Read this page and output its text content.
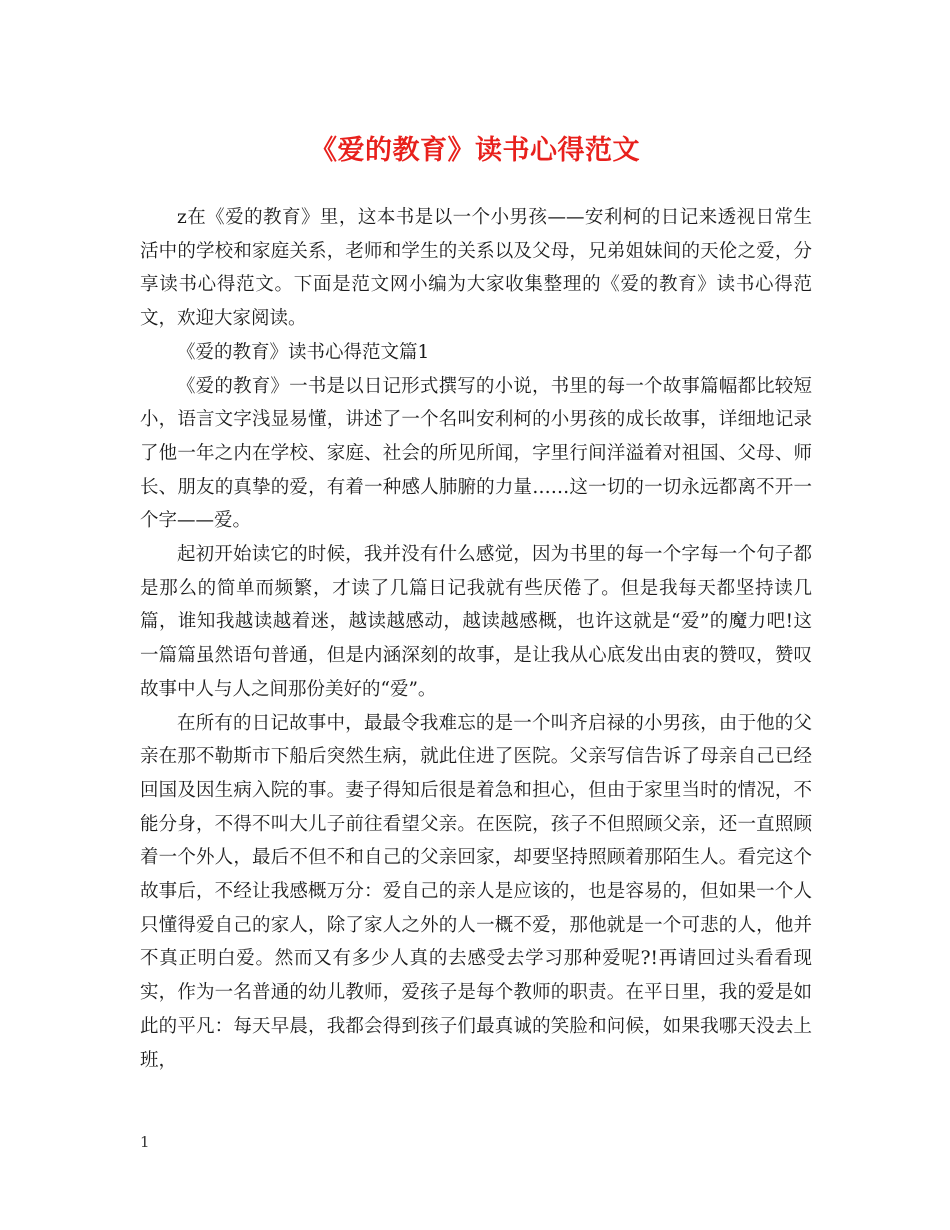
《爱的教育》读书心得范文

z在《爱的教育》里，这本书是以一个小男孩——安利柯的日记来透视日常生活中的学校和家庭关系，老师和学生的关系以及父母，兄弟姐妹间的天伦之爱，分享读书心得范文。下面是范文网小编为大家收集整理的《爱的教育》读书心得范文，欢迎大家阅读。

《爱的教育》读书心得范文篇1

《爱的教育》一书是以日记形式撰写的小说，书里的每一个故事篇幅都比较短小，语言文字浅显易懂，讲述了一个名叫安利柯的小男孩的成长故事，详细地记录了他一年之内在学校、家庭、社会的所见所闻，字里行间洋溢着对祖国、父母、师长、朋友的真挚的爱，有着一种感人肺腑的力量……这一切的一切永远都离不开一个字——爱。

起初开始读它的时候，我并没有什么感觉，因为书里的每一个字每一个句子都是那么的简单而频繁，才读了几篇日记我就有些厌倦了。但是我每天都坚持读几篇，谁知我越读越着迷，越读越感动，越读越感概，也许这就是“爱”的魔力吧!这一篇篇虽然语句普通，但是内涵深刻的故事，是让我从心底发出由衷的赞叹，赞叹故事中人与人之间那份美好的“爱”。

在所有的日记故事中，最最令我难忘的是一个叫齐启禄的小男孩，由于他的父亲在那不勒斯市下船后突然生病，就此住进了医院。父亲写信告诉了母亲自己已经回国及因生病入院的事。妻子得知后很是着急和担心，但由于家里当时的情况，不能分身，不得不叫大儿子前往看望父亲。在医院，孩子不但照顾父亲，还一直照顾着一个外人，最后不但不和自己的父亲回家，却要坚持照顾着那陌生人。看完这个故事后，不经让我感概万分：爱自己的亲人是应该的，也是容易的，但如果一个人只懂得爱自己的家人，除了家人之外的人一概不爱，那他就是一个可悲的人，他并不真正明白爱。然而又有多少人真的去感受去学习那种爱呢?!再请回过头看看现实，作为一名普通的幼儿教师，爱孩子是每个教师的职责。在平日里，我的爱是如此的平凡：每天早晨，我都会得到孩子们最真诚的笑脸和问候，如果我哪天没去上班，

1
